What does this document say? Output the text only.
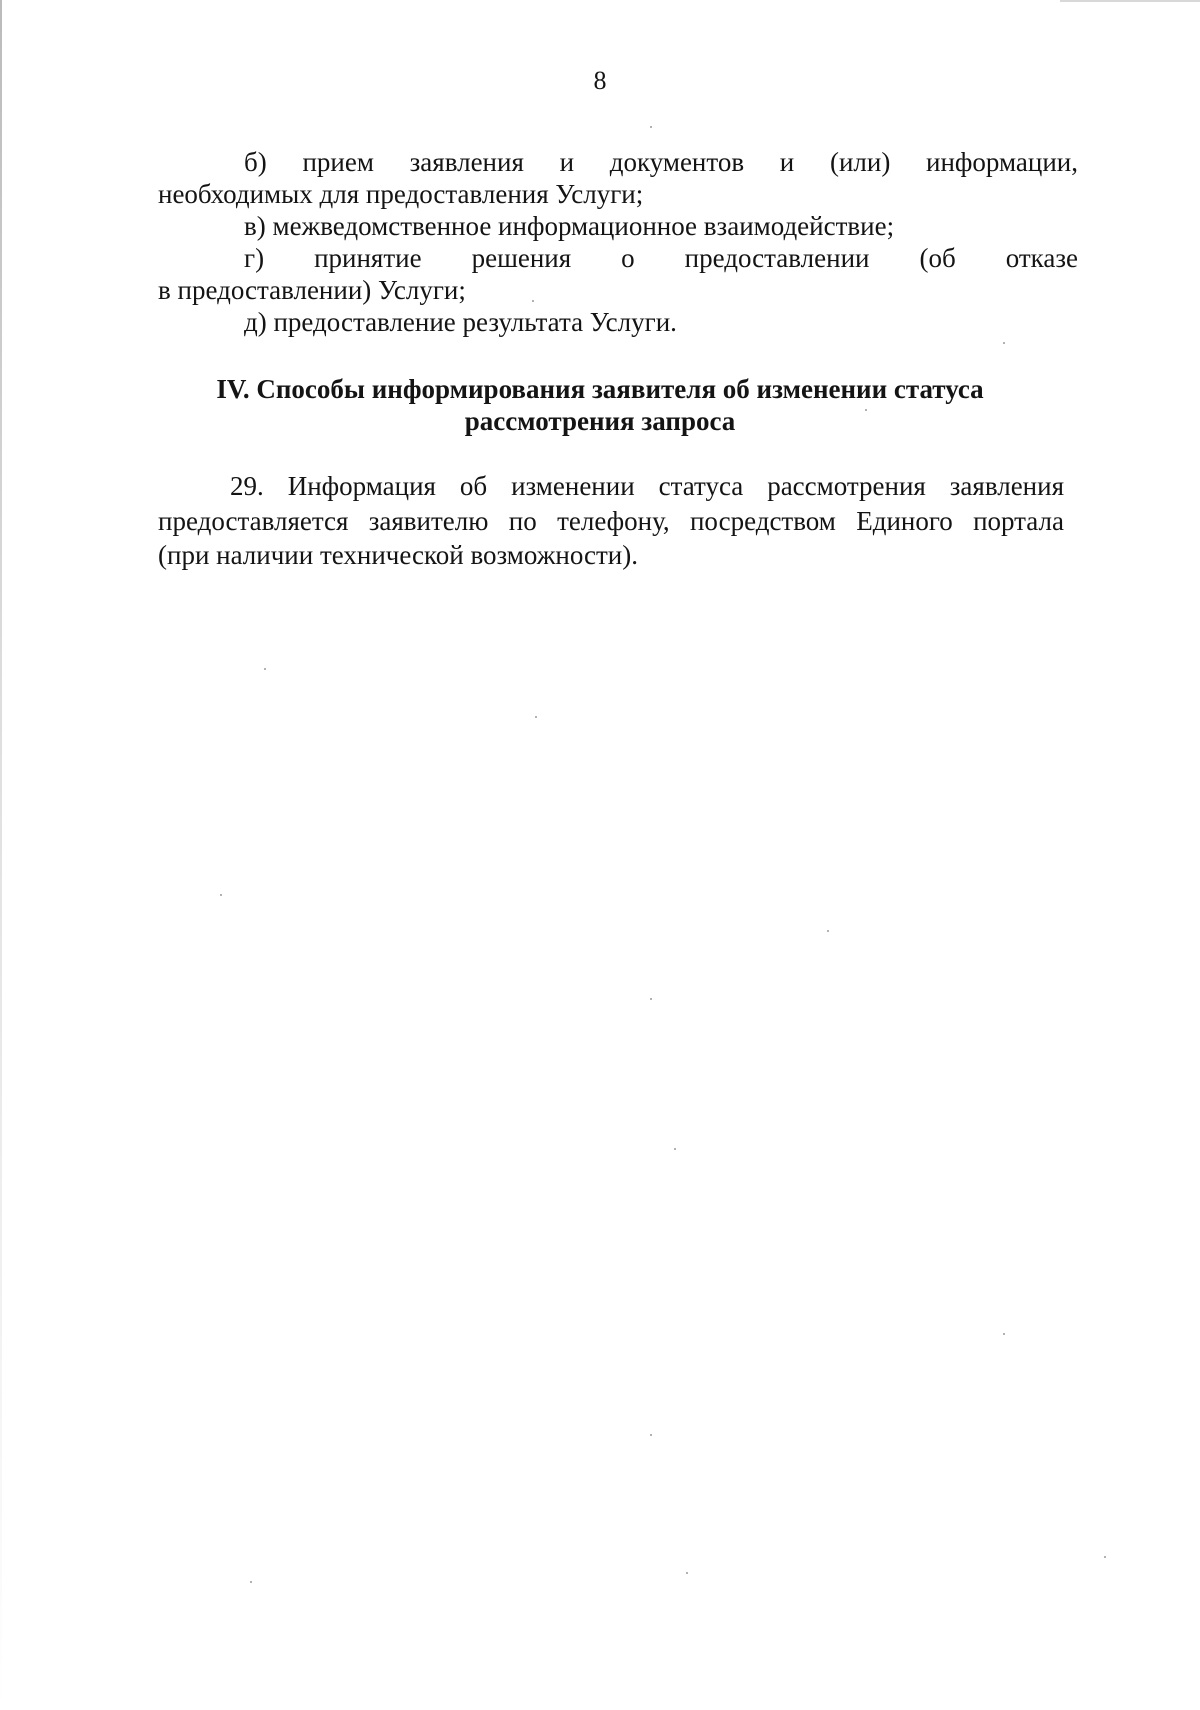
8
б) прием заявления и документов и (или) информации,
необходимых для предоставления Услуги;
в) межведомственное информационное взаимодействие;
г) принятие решения о предоставлении (об отказе
в предоставлении) Услуги;
д) предоставление результата Услуги.
IV. Способы информирования заявителя об изменении статуса
рассмотрения запроса
29. Информация об изменении статуса рассмотрения заявления
предоставляется заявителю по телефону, посредством Единого портала
(при наличии технической возможности).
